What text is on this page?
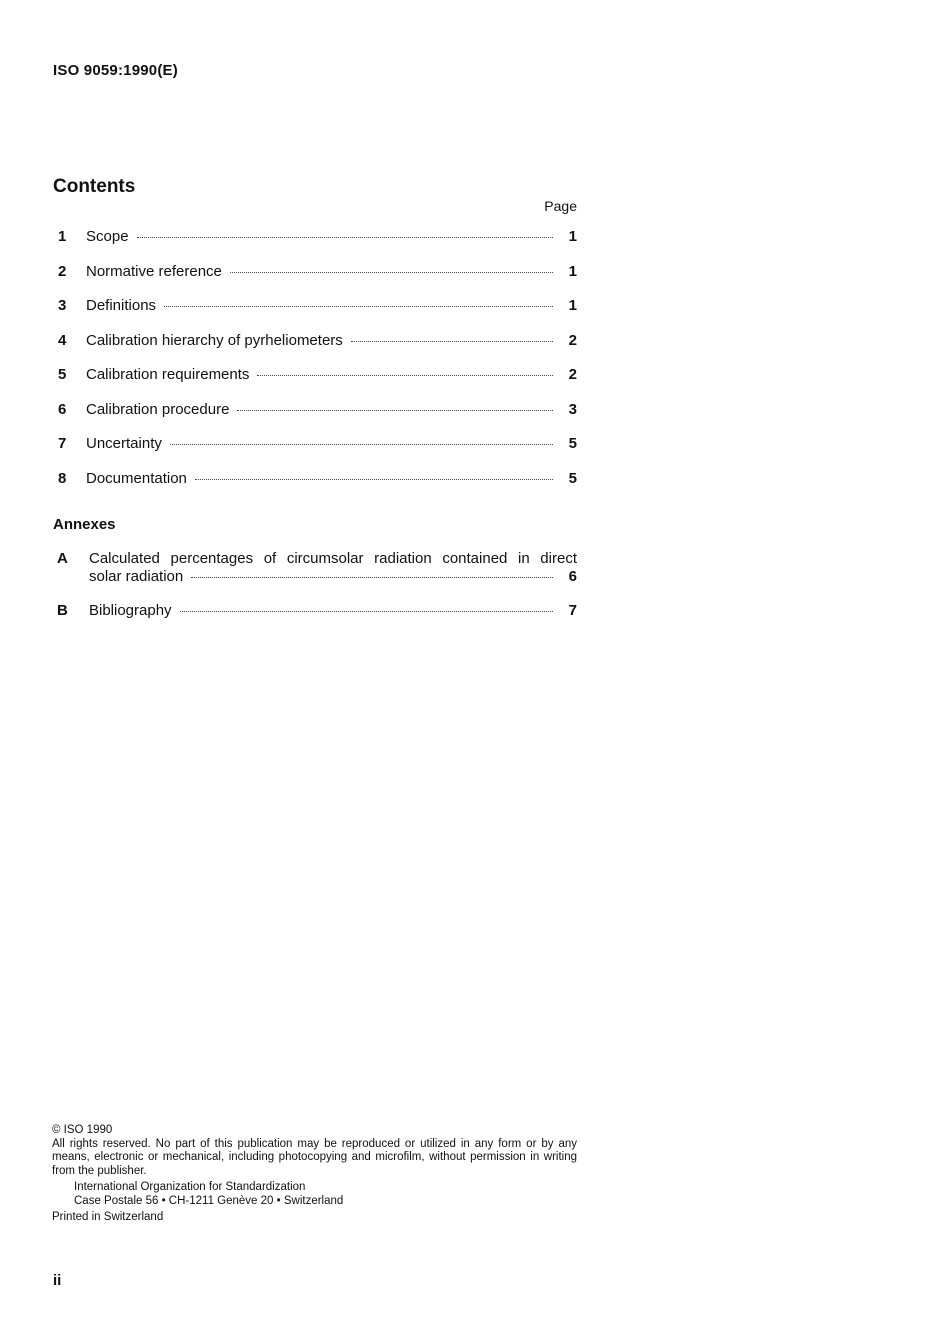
ISO 9059:1990(E)
Contents
Page
1	Scope	1
2	Normative reference	1
3	Definitions	1
4	Calibration hierarchy of pyrheliometers	2
5	Calibration requirements	2
6	Calibration procedure	3
7	Uncertainty	5
8	Documentation	5
Annexes
A	Calculated percentages of circumsolar radiation contained in direct
solar radiation	6
B	Bibliography	7
© ISO 1990
All rights reserved. No part of this publication may be reproduced or utilized in any form or by any means, electronic or mechanical, including photocopying and microfilm, without permission in writing from the publisher.
International Organization for Standardization
Case Postale 56 • CH-1211 Genève 20 • Switzerland
Printed in Switzerland
ii
